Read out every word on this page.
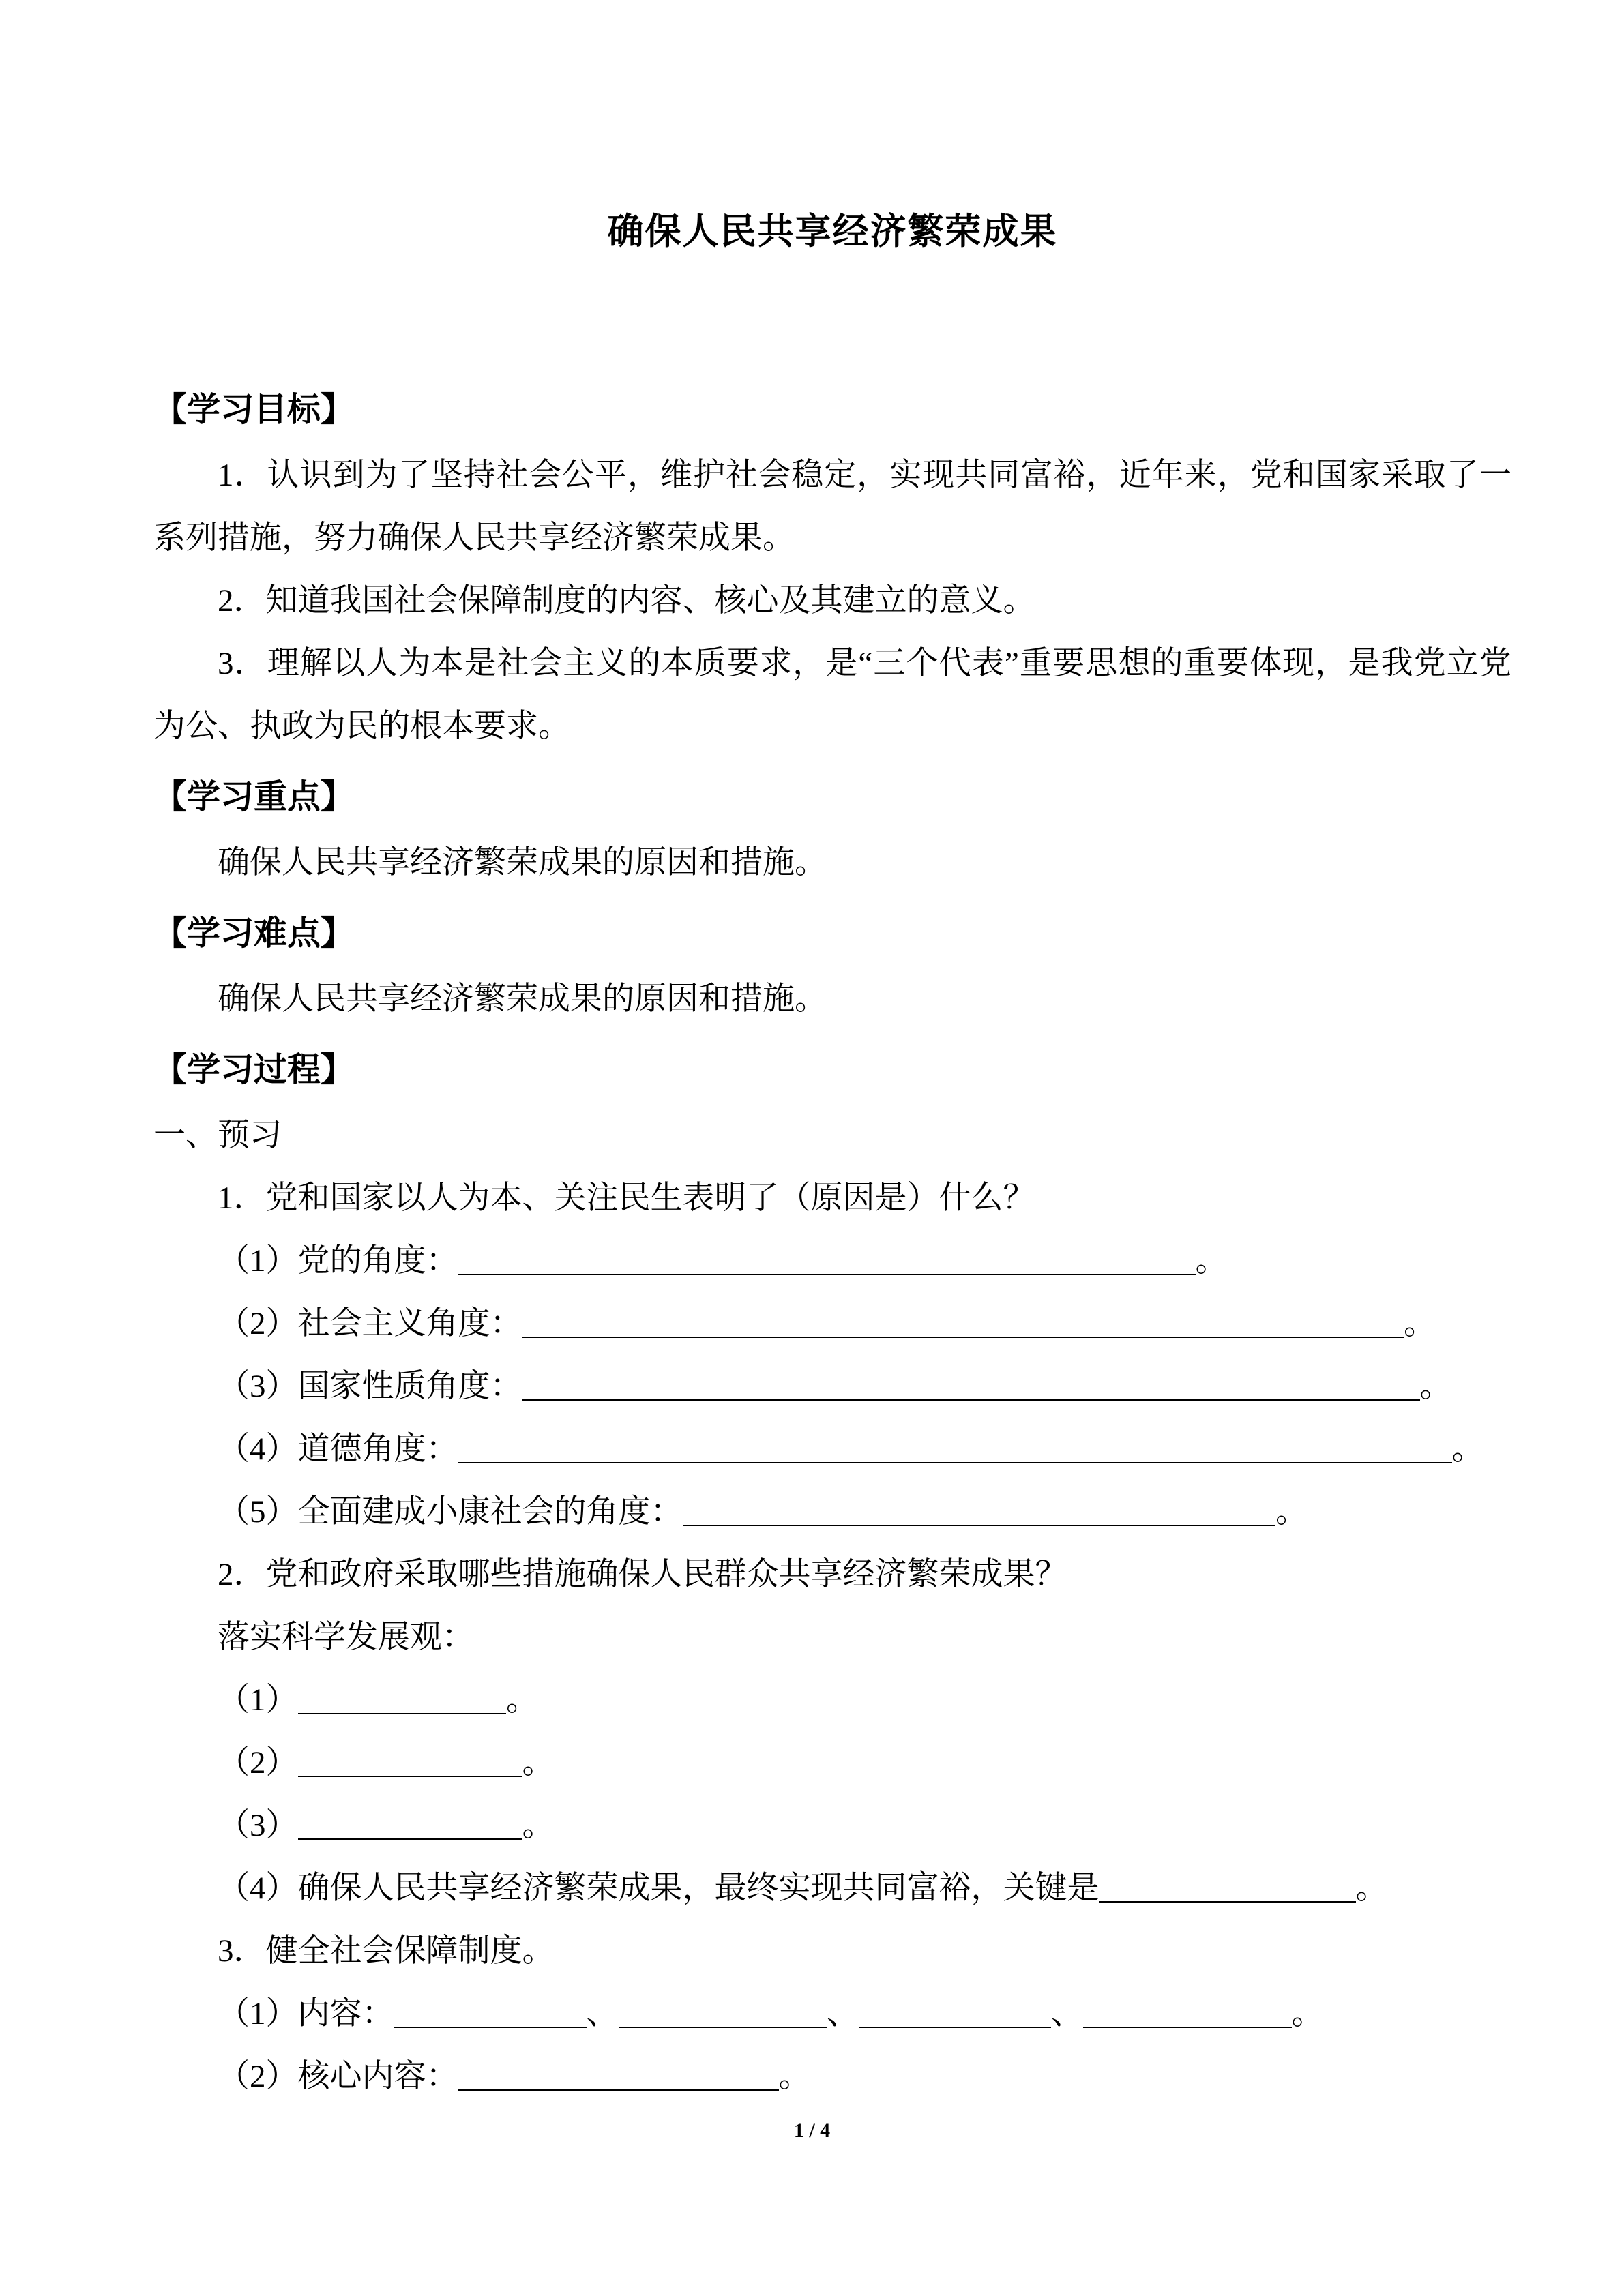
确保人民共享经济繁荣成果
【学习目标】

1．认识到为了坚持社会公平，维护社会稳定，实现共同富裕，近年来，党和国家采取了一系列措施，努力确保人民共享经济繁荣成果。

2．知道我国社会保障制度的内容、核心及其建立的意义。

3．理解以人为本是社会主义的本质要求，是“三个代表”重要思想的重要体现，是我党立党为公、执政为民的根本要求。

【学习重点】

确保人民共享经济繁荣成果的原因和措施。

【学习难点】

确保人民共享经济繁荣成果的原因和措施。

【学习过程】

一、预习

1．党和国家以人为本、关注民生表明了（原因是）什么？

（1）党的角度：	。

（2）社会主义角度：	。

（3）国家性质角度：	。

（4）道德角度：	。

（5）全面建成小康社会的角度：	。

2．党和政府采取哪些措施确保人民群众共享经济繁荣成果？

落实科学发展观：

（1）	。

（2）	。

（3）	。

（4）确保人民共享经济繁荣成果，最终实现共同富裕，关键是	。

3．健全社会保障制度。

（1）内容：	、	、	、	。

（2）核心内容：	。

1 / 4
